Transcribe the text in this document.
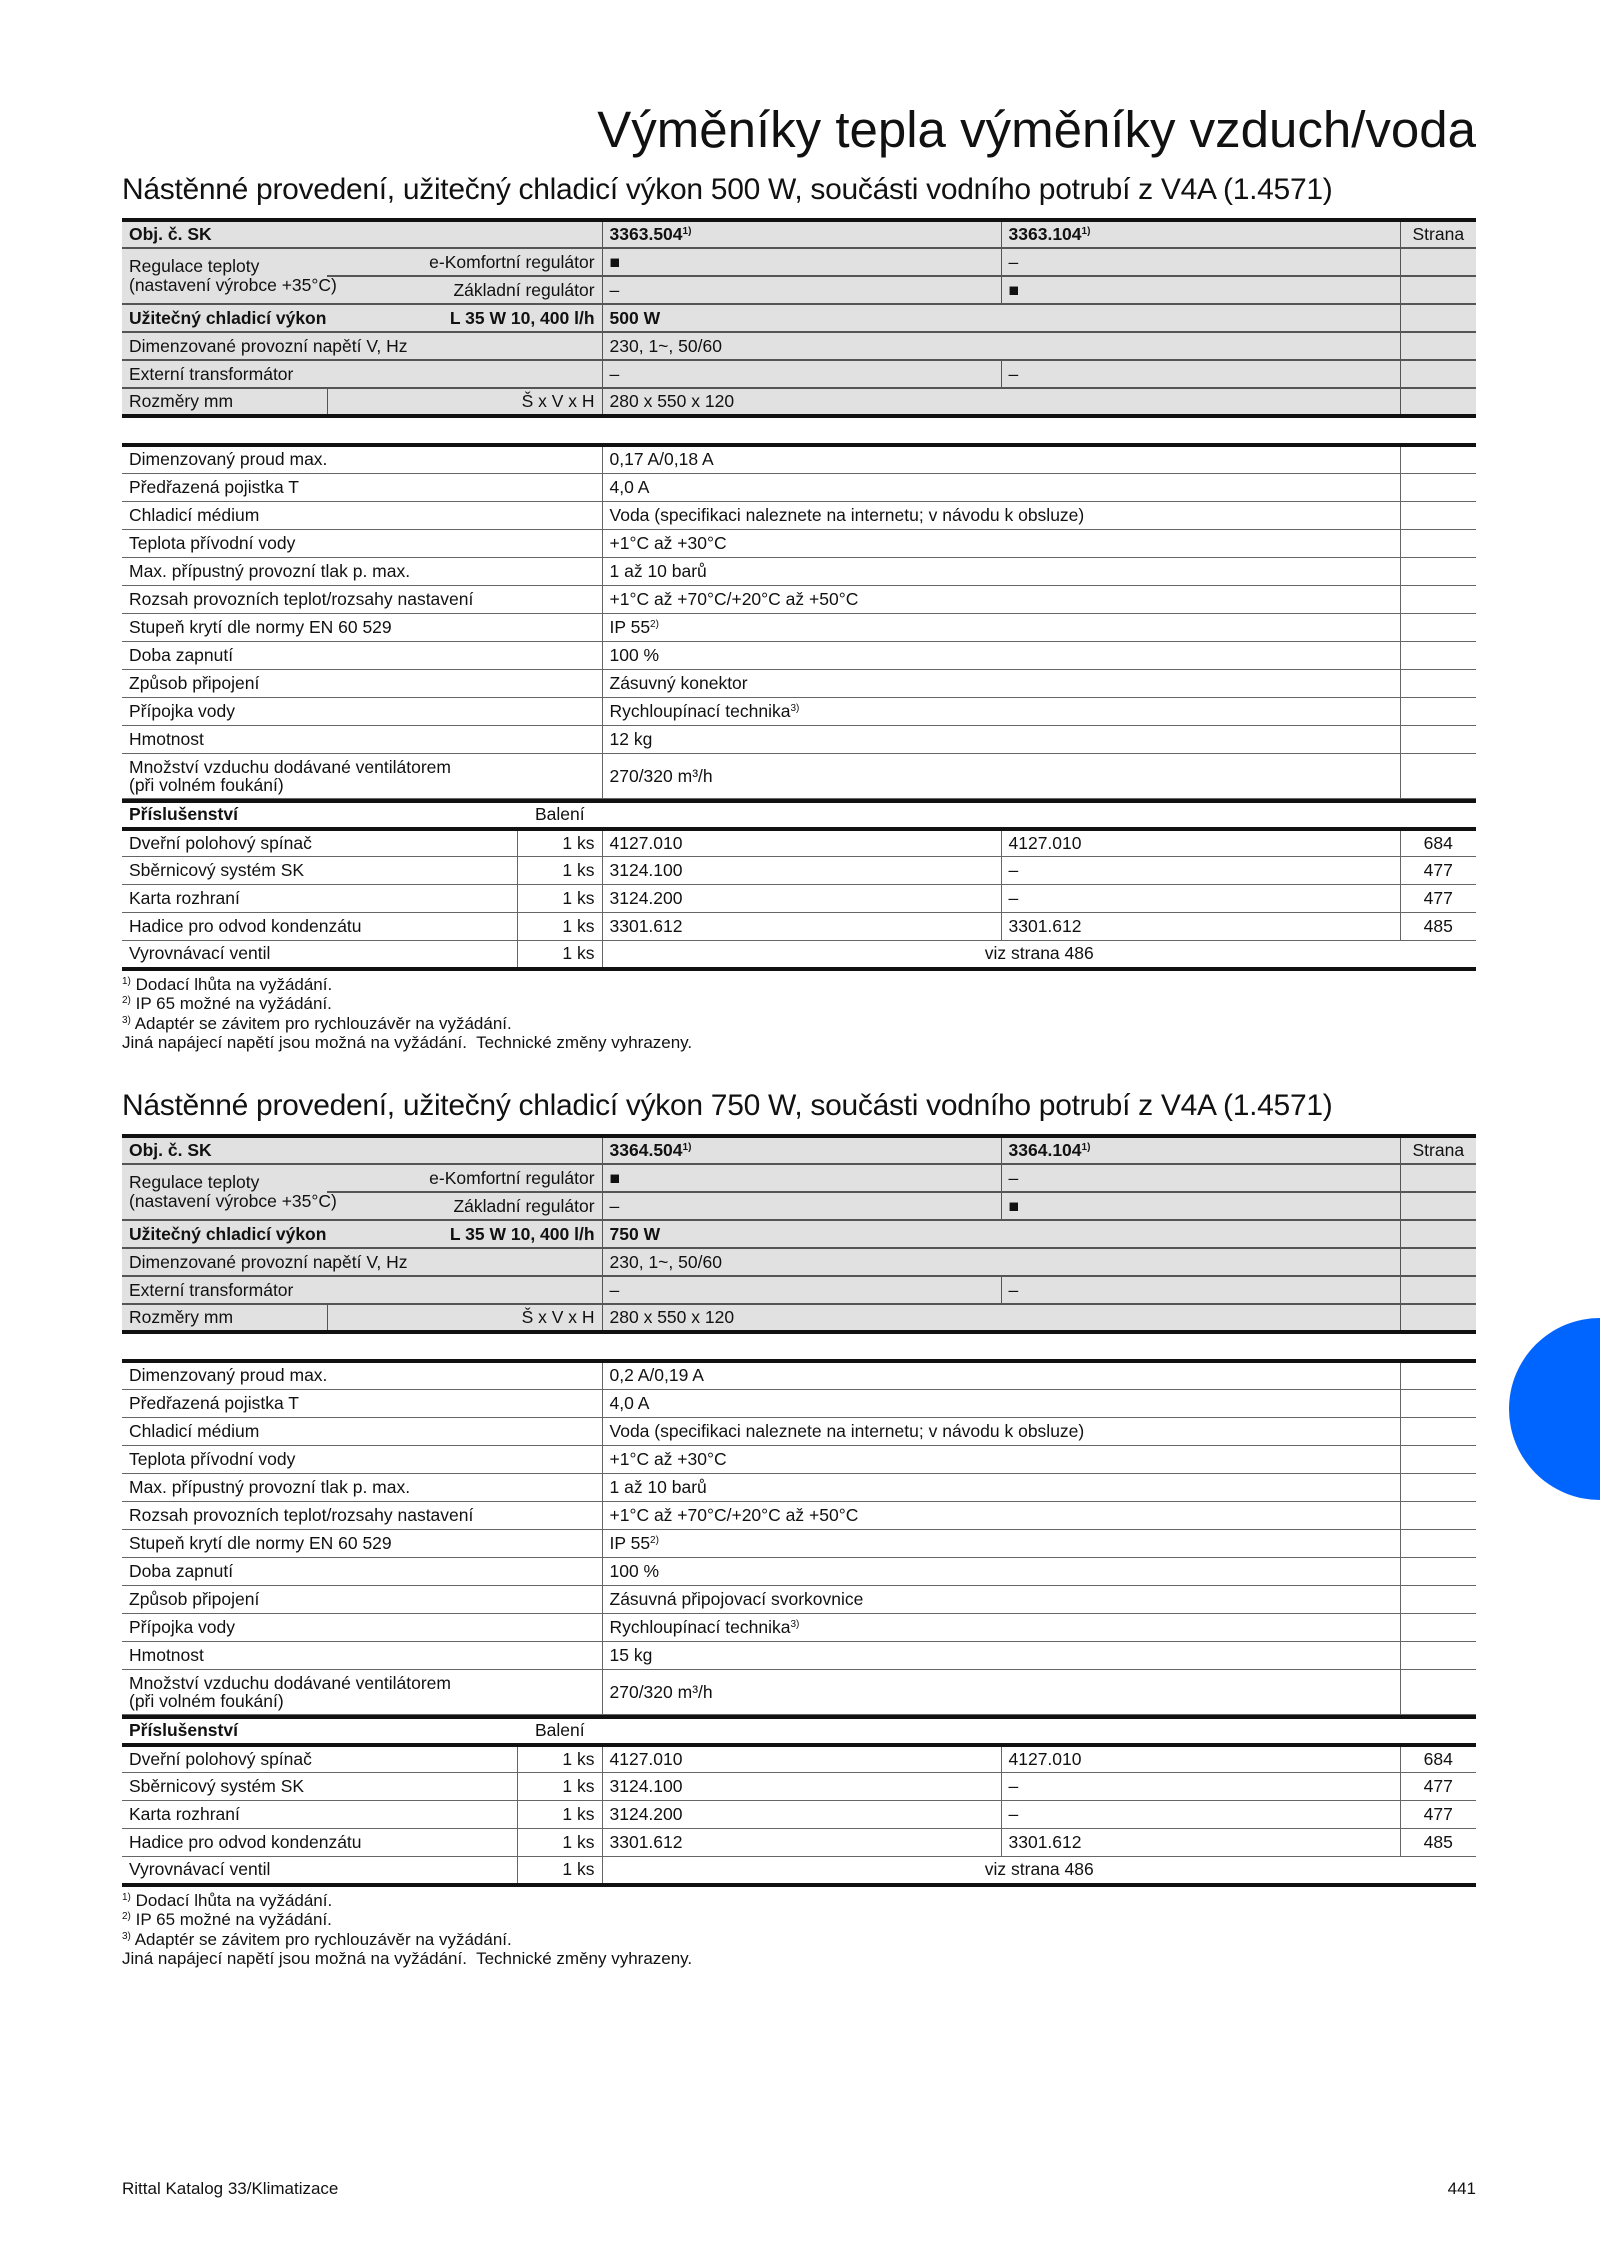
Výměníky tepla výměníky vzduch/voda
Nástěnné provedení, užitečný chladicí výkon 500 W, součásti vodního potrubí z V4A (1.4571)
Obj. č. SK			3363.504$^{1)}$	3363.104$^{1)}$	Strana
Regulace teploty
(nastavení výrobce +35°C)	e-Komfortní regulátor		■	–	
	Základní regulátor		–	■	
Užitečný chladicí výkon		L 35 W 10, 400 l/h	500 W		
Dimenzované provozní napětí V, Hz			230, 1~, 50/60		
Externí transformátor			–	–	
Rozměry mm	Š x V x H		280 x 550 x 120		
Dimenzovaný proud max.	0,17 A/0,18 A	
Předřazená pojistka T	4,0 A	
Chladicí médium	Voda (specifikaci naleznete na internetu; v návodu k obsluze)	
Teplota přívodní vody	+1°C až +30°C	
Max. přípustný provozní tlak p. max.	1 až 10 barů	
Rozsah provozních teplot/rozsahy nastavení	+1°C až +70°C/+20°C až +50°C	
Stupeň krytí dle normy EN 60 529	IP 55$^{2)}$	
Doba zapnutí	100 %	
Způsob připojení	Zásuvný konektor	
Přípojka vody	Rychloupínací technika$^{3)}$	
Hmotnost	12 kg	
Množství vzduchu dodávané ventilátorem
(při volném foukání)	270/320 m³/h	
Příslušenství	Balení			
Dveřní polohový spínač	1 ks	4127.010	4127.010	684
Sběrnicový systém SK	1 ks	3124.100	–	477
Karta rozhraní	1 ks	3124.200	–	477
Hadice pro odvod kondenzátu	1 ks	3301.612	3301.612	485
Vyrovnávací ventil	1 ks	viz strana 486		
$^{1)}$ Dodací lhůta na vyžádání.
$^{2)}$ IP 65 možné na vyžádání.
$^{3)}$ Adaptér se závitem pro rychlouzávěr na vyžádání.
Jiná napájecí napětí jsou možná na vyžádání.  Technické změny vyhrazeny.
Nástěnné provedení, užitečný chladicí výkon 750 W, součásti vodního potrubí z V4A (1.4571)
Obj. č. SK			3364.504$^{1)}$	3364.104$^{1)}$	Strana
Regulace teploty
(nastavení výrobce +35°C)	e-Komfortní regulátor		■	–	
	Základní regulátor		–	■	
Užitečný chladicí výkon		L 35 W 10, 400 l/h	750 W		
Dimenzované provozní napětí V, Hz			230, 1~, 50/60		
Externí transformátor			–	–	
Rozměry mm	Š x V x H		280 x 550 x 120		
Dimenzovaný proud max.	0,2 A/0,19 A	
Předřazená pojistka T	4,0 A	
Chladicí médium	Voda (specifikaci naleznete na internetu; v návodu k obsluze)	
Teplota přívodní vody	+1°C až +30°C	
Max. přípustný provozní tlak p. max.	1 až 10 barů	
Rozsah provozních teplot/rozsahy nastavení	+1°C až +70°C/+20°C až +50°C	
Stupeň krytí dle normy EN 60 529	IP 55$^{2)}$	
Doba zapnutí	100 %	
Způsob připojení	Zásuvná připojovací svorkovnice	
Přípojka vody	Rychloupínací technika$^{3)}$	
Hmotnost	15 kg	
Množství vzduchu dodávané ventilátorem
(při volném foukání)	270/320 m³/h	
Příslušenství	Balení			
Dveřní polohový spínač	1 ks	4127.010	4127.010	684
Sběrnicový systém SK	1 ks	3124.100	–	477
Karta rozhraní	1 ks	3124.200	–	477
Hadice pro odvod kondenzátu	1 ks	3301.612	3301.612	485
Vyrovnávací ventil	1 ks	viz strana 486		
$^{1)}$ Dodací lhůta na vyžádání.
$^{2)}$ IP 65 možné na vyžádání.
$^{3)}$ Adaptér se závitem pro rychlouzávěr na vyžádání.
Jiná napájecí napětí jsou možná na vyžádání.  Technické změny vyhrazeny.
Rittal Katalog 33/Klimatizace	441
